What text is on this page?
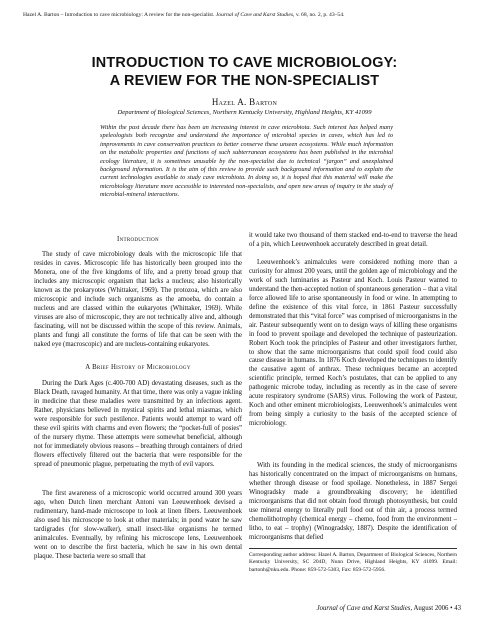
Hazel A. Barton – Introduction to cave microbiology: A review for the non-specialist. Journal of Cave and Karst Studies, v. 68, no. 2, p. 43–54.
INTRODUCTION TO CAVE MICROBIOLOGY:
A REVIEW FOR THE NON-SPECIALIST
Hazel A. Barton
Department of Biological Sciences, Northern Kentucky University, Highland Heights, KY 41099
Within the past decade there has been an increasing interest in cave microbiota. Such interest has helped many speleologists both recognize and understand the importance of microbial species in caves, which has led to improvements in cave conservation practices to better conserve these unseen ecosystems. While much information on the metabolic properties and functions of such subterranean ecosystems has been published in the microbial ecology literature, it is sometimes unusable by the non-specialist due to technical “jargon” and unexplained background information. It is the aim of this review to provide such background information and to explain the current technologies available to study cave microbiota. In doing so, it is hoped that this material will make the microbiology literature more accessible to interested non-specialists, and open new areas of inquiry in the study of microbial-mineral interactions.
Introduction
The study of cave microbiology deals with the microscopic life that resides in caves. Microscopic life has historically been grouped into the Monera, one of the five kingdoms of life, and a pretty broad group that includes any microscopic organism that lacks a nucleus; also historically known as the prokaryotes (Whittaker, 1969). The protozoa, which are also microscopic and include such organisms as the amoeba, do contain a nucleus and are classed within the eukaryotes (Whittaker, 1969). While viruses are also of microscopic, they are not technically alive and, although fascinating, will not be discussed within the scope of this review. Animals, plants and fungi all constitute the forms of life that can be seen with the naked eye (macroscopic) and are nucleus-containing eukaryotes.
A Brief History of Microbiology
During the Dark Ages (c.400-700 AD) devastating diseases, such as the Black Death, ravaged humanity. At that time, there was only a vague inkling in medicine that these maladies were transmitted by an infectious agent. Rather, physicians believed in mystical spirits and lethal miasmas, which were responsible for such pestilence. Patients would attempt to ward off these evil spirits with charms and even flowers; the “pocket-full of posies” of the nursery rhyme. These attempts were somewhat beneficial, although not for immediately obvious reasons – breathing through containers of dried flowers effectively filtered out the bacteria that were responsible for the spread of pneumonic plague, perpetuating the myth of evil vapors.
The first awareness of a microscopic world occurred around 300 years ago, when Dutch linen merchant Antoni van Leeuwenhoek devised a rudimentary, hand-made microscope to look at linen fibers. Leeuwenhoek also used his microscope to look at other materials; in pond water he saw tardigrades (for slow-walker), small insect-like organisms he termed animalcules. Eventually, by refining his microscope lens, Leeuwenhoek went on to describe the first bacteria, which he saw in his own dental plaque. These bacteria were so small that
it would take two thousand of them stacked end-to-end to traverse the head of a pin, which Leeuwenhoek accurately described in great detail.
Leeuwenhoek’s animalcules were considered nothing more than a curiosity for almost 200 years, until the golden age of microbiology and the work of such luminaries as Pasteur and Koch. Louis Pasteur wanted to understand the then-accepted notion of spontaneous generation – that a vital force allowed life to arise spontaneously in food or wine. In attempting to define the existence of this vital force, in 1861 Pasteur successfully demonstrated that this “vital force” was comprised of microorganisms in the air. Pasteur subsequently went on to design ways of killing these organisms in food to prevent spoilage and developed the technique of pasteurization. Robert Koch took the principles of Pasteur and other investigators further, to show that the same microorganisms that could spoil food could also cause disease in humans. In 1876 Koch developed the techniques to identify the causative agent of anthrax. These techniques became an accepted scientific principle, termed Koch’s postulates, that can be applied to any pathogenic microbe today, including as recently as in the case of severe acute respiratory syndrome (SARS) virus. Following the work of Pasteur, Koch and other eminent microbiologists, Leeuwenhoek’s animalcules went from being simply a curiosity to the basis of the accepted science of microbiology.
With its founding in the medical sciences, the study of microorganisms has historically concentrated on the impact of microorganisms on humans, whether through disease or food spoilage. Nonetheless, in 1887 Sergei Winogradsky made a groundbreaking discovery; he identified microorganisms that did not obtain food through photosynthesis, but could use mineral energy to literally pull food out of thin air, a process termed chemolithotrophy (chemical energy – chemo, food from the environment – litho, to eat – trophy) (Winogradsky, 1887). Despite the identification of microorganisms that defied
Corresponding author address: Hazel A. Barton, Department of Biological Sciences, Northern Kentucky University, SC 204D, Nunn Drive, Highland Heights, KY 41099. Email: bartonh@nku.edu. Phone: 859-572-5303, Fax: 859-572-5956.
Journal of Cave and Karst Studies, August 2006 • 43
